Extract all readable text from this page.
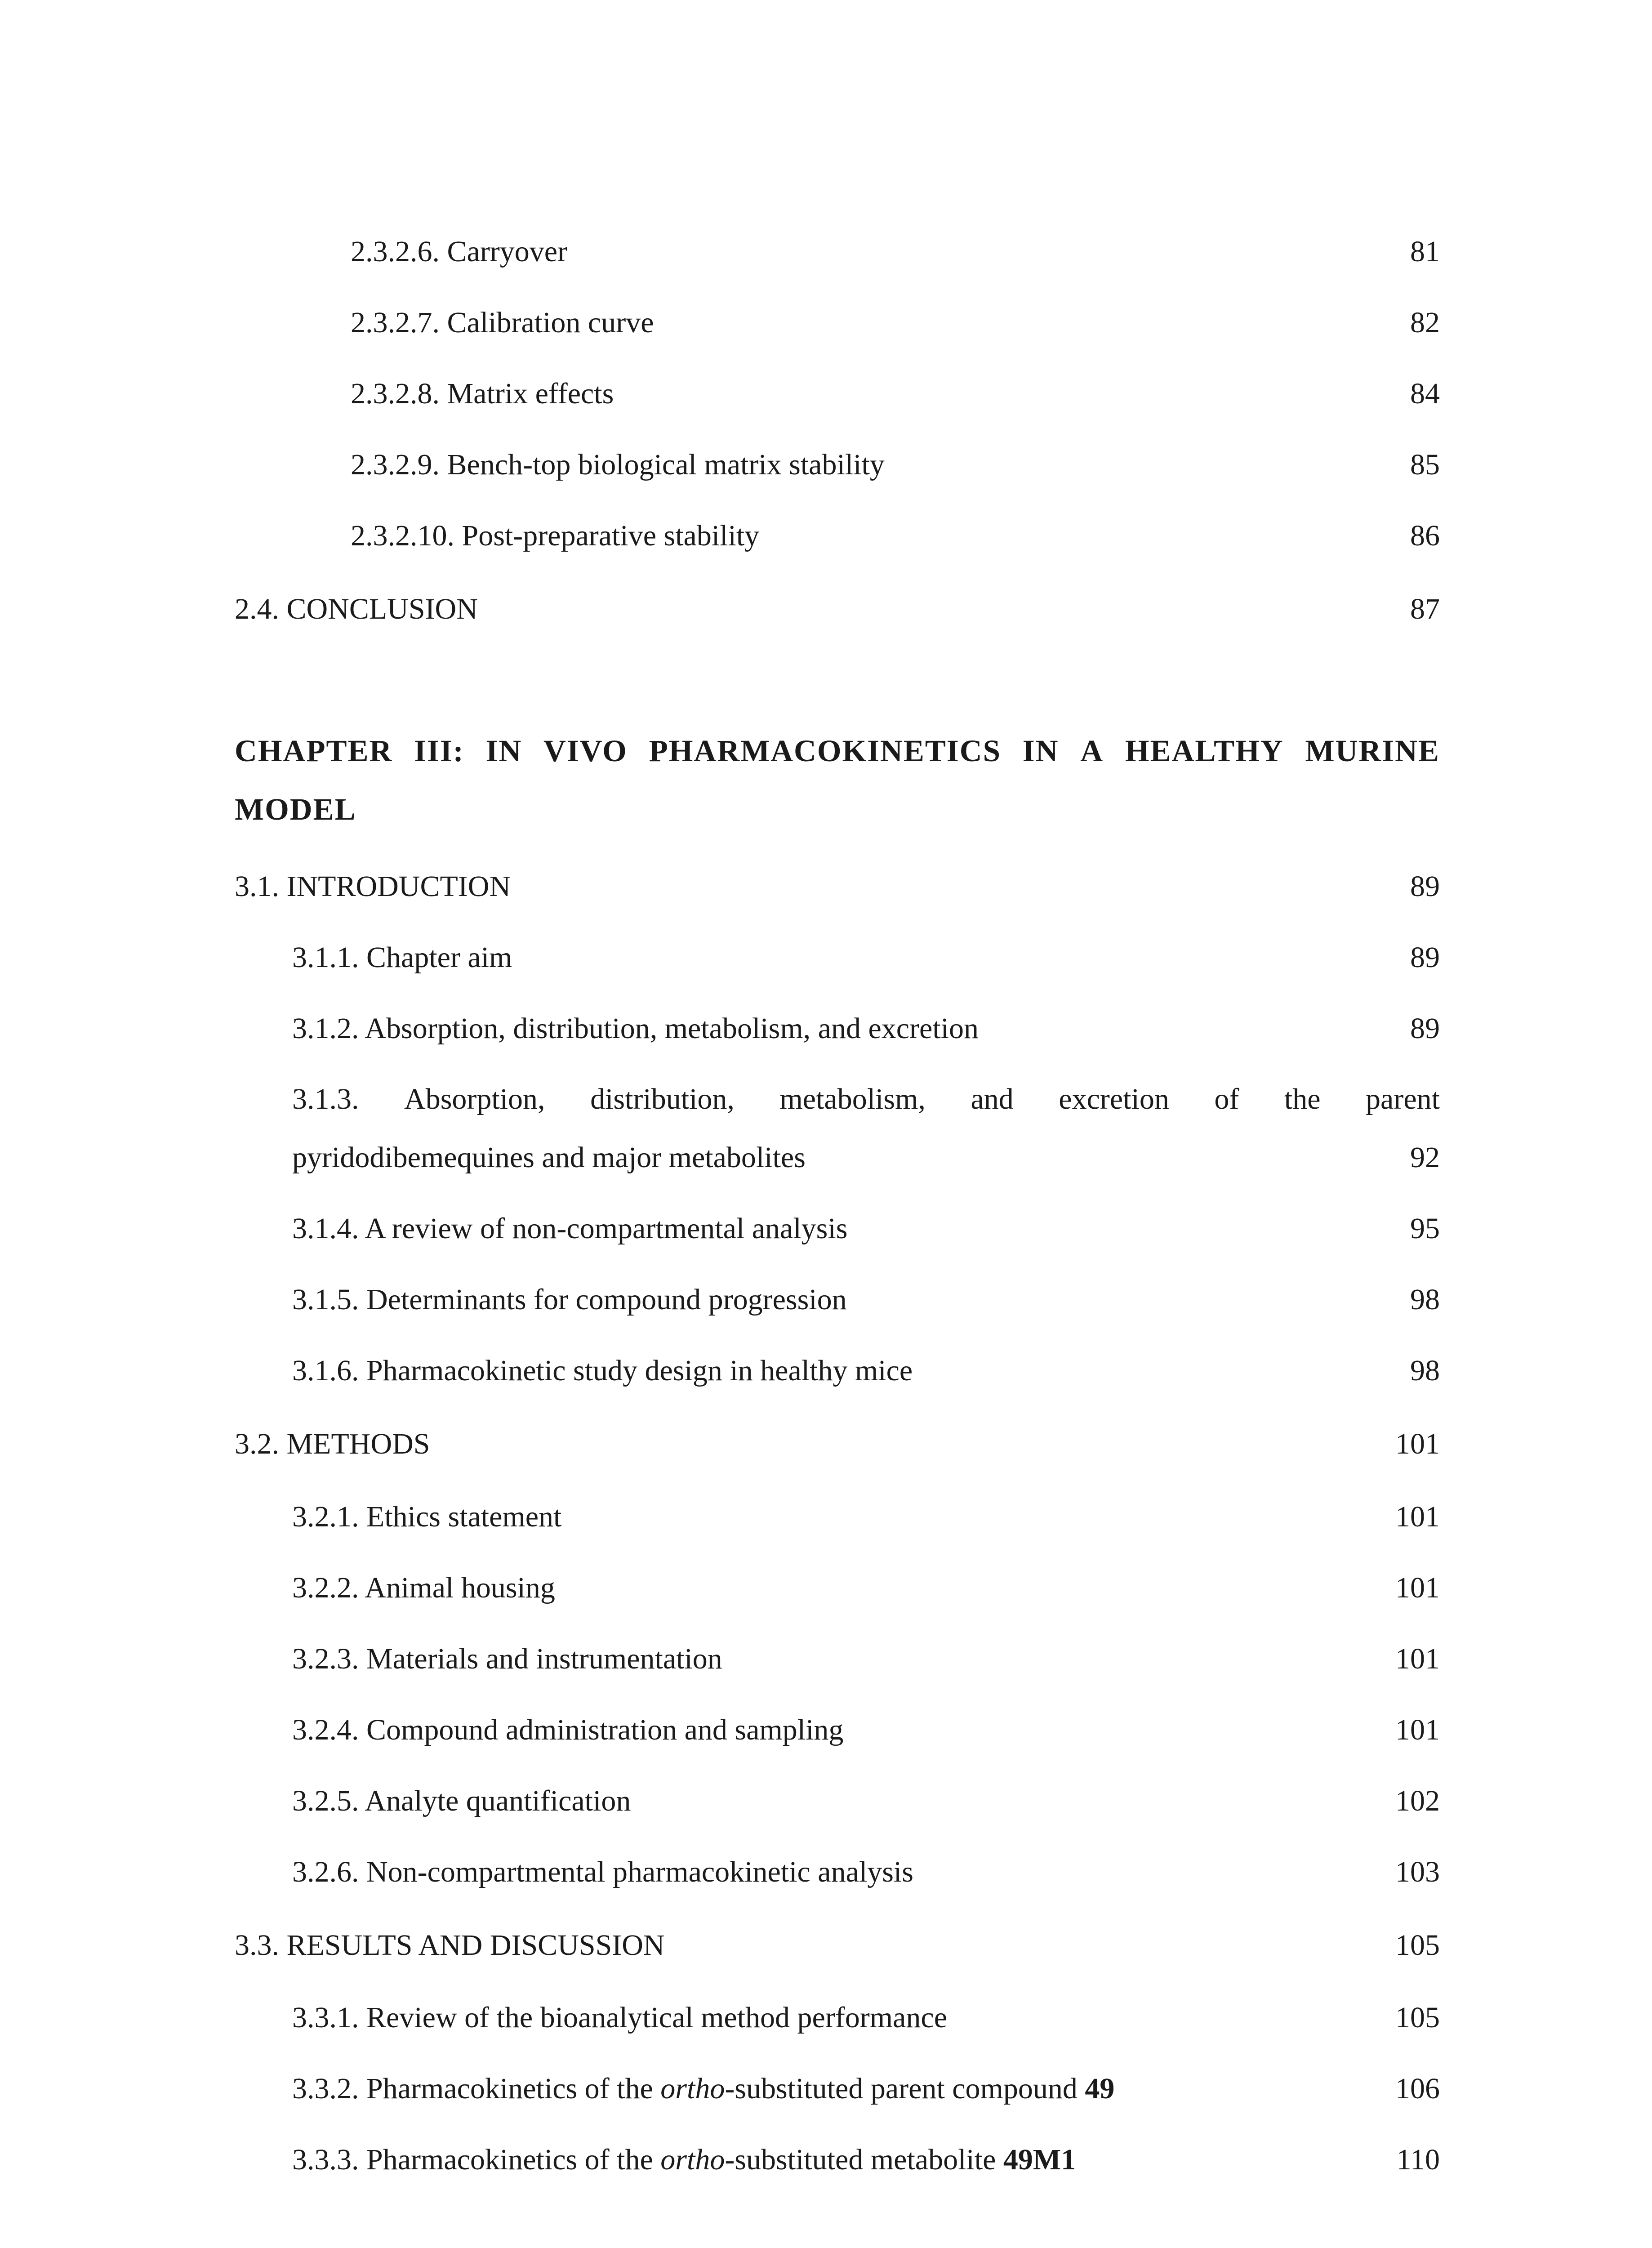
2.3.2.6. Carryover	81
2.3.2.7. Calibration curve	82
2.3.2.8. Matrix effects	84
2.3.2.9. Bench-top biological matrix stability	85
2.3.2.10. Post-preparative stability	86
2.4. CONCLUSION	87
CHAPTER III: IN VIVO PHARMACOKINETICS IN A HEALTHY MURINE
MODEL
3.1. INTRODUCTION	89
3.1.1. Chapter aim	89
3.1.2. Absorption, distribution, metabolism, and excretion	89
3.1.3. Absorption, distribution, metabolism, and excretion of the parent
pyridodibemequines and major metabolites	92
3.1.4. A review of non-compartmental analysis	95
3.1.5. Determinants for compound progression	98
3.1.6. Pharmacokinetic study design in healthy mice	98
3.2. METHODS	101
3.2.1. Ethics statement	101
3.2.2. Animal housing	101
3.2.3. Materials and instrumentation	101
3.2.4. Compound administration and sampling	101
3.2.5. Analyte quantification	102
3.2.6. Non-compartmental pharmacokinetic analysis	103
3.3. RESULTS AND DISCUSSION	105
3.3.1. Review of the bioanalytical method performance	105
3.3.2. Pharmacokinetics of the ortho-substituted parent compound 49	106
3.3.3. Pharmacokinetics of the ortho-substituted metabolite 49M1	110
